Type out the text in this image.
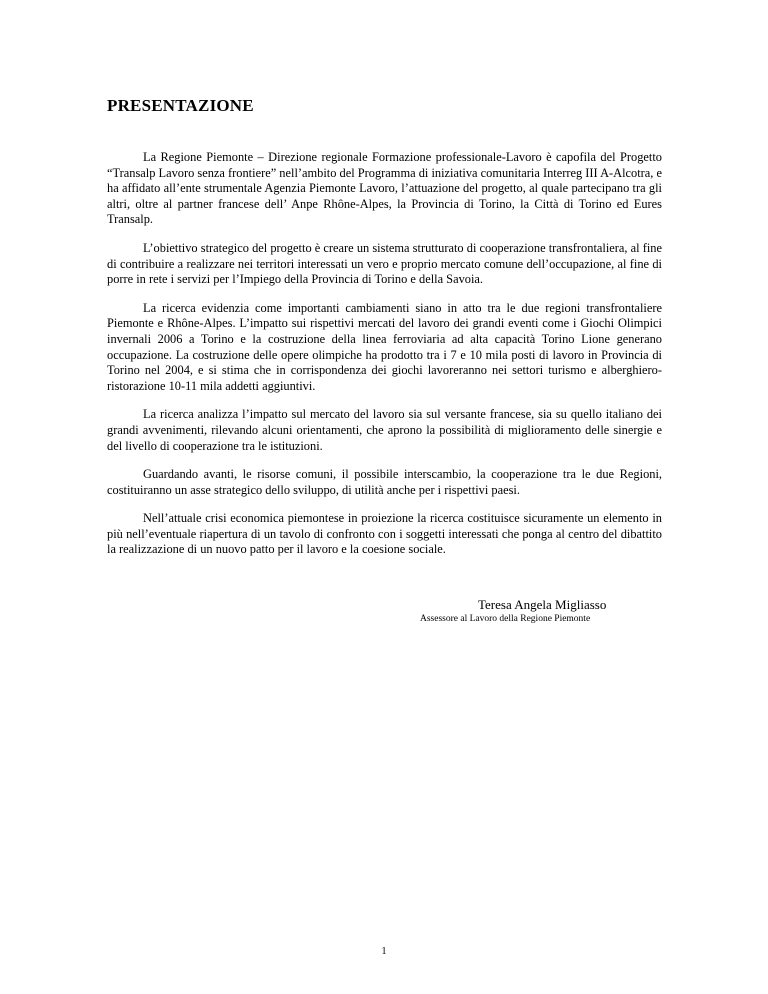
PRESENTAZIONE

La Regione Piemonte – Direzione regionale Formazione professionale-Lavoro è capofila del Progetto “Transalp Lavoro senza frontiere” nell’ambito del Programma di iniziativa comunitaria Interreg III A-Alcotra, e ha affidato all’ente strumentale Agenzia Piemonte Lavoro, l’attuazione del progetto, al quale partecipano tra gli altri, oltre al partner francese dell’ Anpe Rhône-Alpes, la Provincia di Torino, la Città di Torino ed Eures Transalp.

L’obiettivo strategico del progetto è creare un sistema strutturato di cooperazione transfrontaliera, al fine di contribuire a realizzare nei territori interessati un vero e proprio mercato comune dell’occupazione, al fine di porre in rete i servizi per l’Impiego della Provincia di Torino e della Savoia.

La ricerca evidenzia come importanti cambiamenti siano in atto tra le due regioni transfrontaliere Piemonte e Rhône-Alpes. L’impatto sui rispettivi mercati del lavoro dei grandi eventi come i Giochi Olimpici invernali 2006 a Torino e la costruzione della linea ferroviaria ad alta capacità Torino Lione generano occupazione. La costruzione delle opere olimpiche ha prodotto tra i 7 e 10 mila posti di lavoro in Provincia di Torino nel 2004, e si stima che in corrispondenza dei giochi lavoreranno nei settori turismo e alberghiero-ristorazione 10-11 mila addetti aggiuntivi.

La ricerca analizza l’impatto sul mercato del lavoro sia sul versante francese, sia su quello italiano dei grandi avvenimenti, rilevando alcuni orientamenti, che aprono la possibilità di miglioramento delle sinergie e del livello di cooperazione tra le istituzioni.

Guardando avanti, le risorse comuni, il possibile interscambio, la cooperazione tra le due Regioni, costituiranno un asse strategico dello sviluppo, di utilità anche per i rispettivi paesi.

Nell’attuale crisi economica piemontese in proiezione la ricerca costituisce sicuramente un elemento in più nell’eventuale riapertura di un tavolo di confronto con i soggetti interessati che ponga al centro del dibattito la realizzazione di un nuovo patto per il lavoro e la coesione sociale.

Teresa Angela Migliasso
Assessore al Lavoro della Regione Piemonte
1
